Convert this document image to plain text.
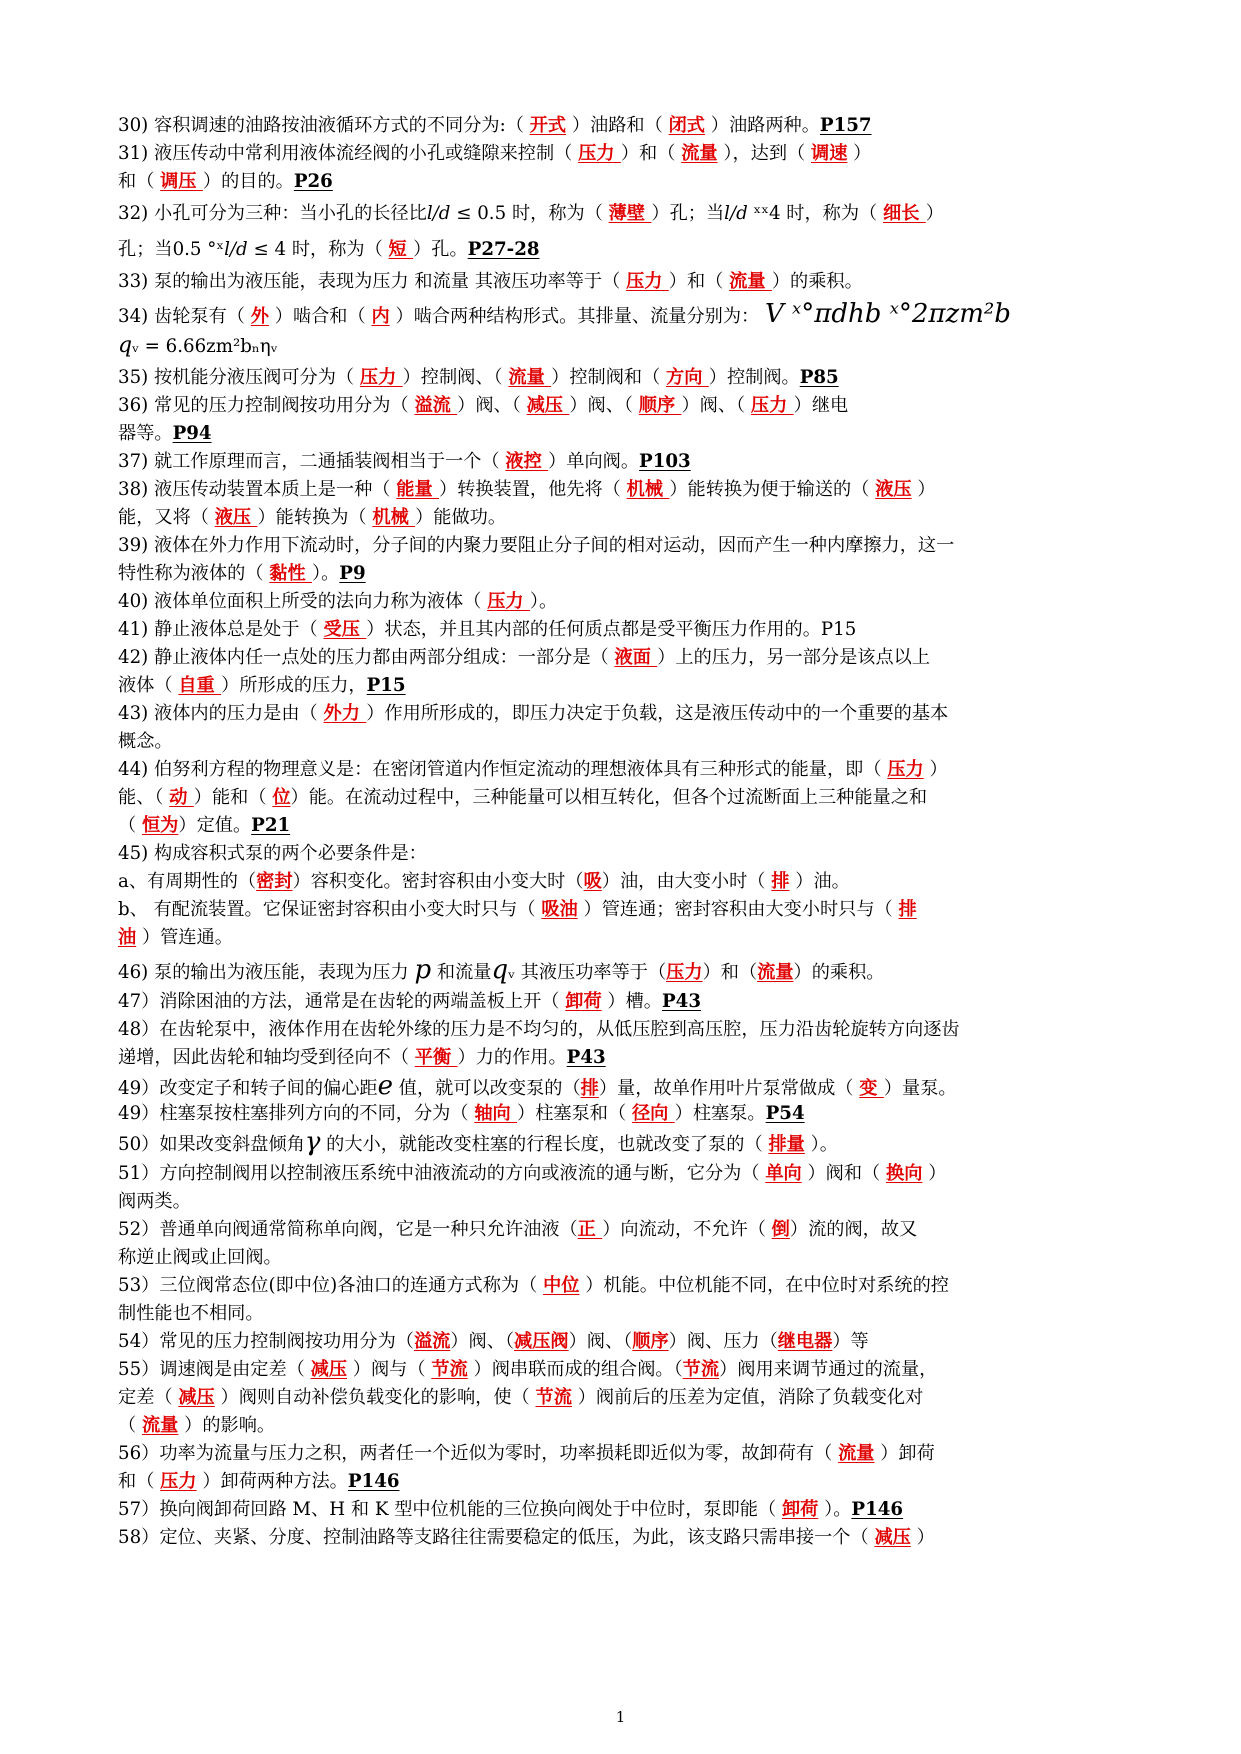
30) 容积调速的油路按油液循环方式的不同分为:（ 开式 ）油路和（ 闭式 ）油路两种。P157
31) 液压传动中常利用液体流经阀的小孔或缝隙来控制（ 压力 ）和（ 流量 ），达到（ 调速 ）
和（ 调压 ）的目的。P26
32) 小孔可分为三种：当小孔的长径比l/d ≤ 0.5 时，称为（ 薄壁 ）孔；当l/d ˣˣ4 时，称为（ 细长 ）
孔；当0.5 °ˣl/d ≤ 4 时，称为（ 短 ）孔。P27-28
33) 泵的输出为液压能，表现为压力 和流量 其液压功率等于（ 压力 ）和（ 流量 ）的乘积。
34) 齿轮泵有（ 外 ）啮合和（ 内 ）啮合两种结构形式。其排量、流量分别为： V ˣ°πdhb ˣ°2πzm²b
qᵥ = 6.66zm²bₙηᵥ
35) 按机能分液压阀可分为（ 压力 ）控制阀、（ 流量 ）控制阀和（ 方向 ）控制阀。P85
36) 常见的压力控制阀按功用分为（ 溢流 ）阀、（ 减压 ）阀、（ 顺序 ）阀、（ 压力 ）继电
器等。P94
37) 就工作原理而言，二通插装阀相当于一个（ 液控 ）单向阀。P103
38) 液压传动装置本质上是一种（ 能量 ）转换装置，他先将（ 机械 ）能转换为便于输送的（ 液压 ）
能，又将（ 液压 ）能转换为（ 机械 ）能做功。
39) 液体在外力作用下流动时，分子间的内聚力要阻止分子间的相对运动，因而产生一种内摩擦力，这一
特性称为液体的（ 黏性 ）。P9
40) 液体单位面积上所受的法向力称为液体（ 压力 ）。
41) 静止液体总是处于（ 受压 ）状态，并且其内部的任何质点都是受平衡压力作用的。P15
42) 静止液体内任一点处的压力都由两部分组成：一部分是（ 液面 ）上的压力，另一部分是该点以上
液体（ 自重 ）所形成的压力，P15
43) 液体内的压力是由（ 外力 ）作用所形成的，即压力决定于负载，这是液压传动中的一个重要的基本
概念。
44) 伯努利方程的物理意义是：在密闭管道内作恒定流动的理想液体具有三种形式的能量，即（ 压力 ）
能、（ 动 ）能和（ 位）能。在流动过程中，三种能量可以相互转化，但各个过流断面上三种能量之和
（ 恒为）定值。P21
45) 构成容积式泵的两个必要条件是：
a、有周期性的（密封）容积变化。密封容积由小变大时（吸）油，由大变小时（ 排 ）油。
b、 有配流装置。它保证密封容积由小变大时只与（ 吸油 ）管连通；密封容积由大变小时只与（ 排
油 ）管连通。
46) 泵的输出为液压能，表现为压力 p 和流量qᵥ 其液压功率等于（压力）和（流量）的乘积。
47）消除困油的方法，通常是在齿轮的两端盖板上开（ 卸荷 ）槽。P43
48）在齿轮泵中，液体作用在齿轮外缘的压力是不均匀的，从低压腔到高压腔，压力沿齿轮旋转方向逐齿
递增，因此齿轮和轴均受到径向不（ 平衡 ）力的作用。P43
49）改变定子和转子间的偏心距e 值，就可以改变泵的（排）量，故单作用叶片泵常做成（ 变 ）量泵。
49）柱塞泵按柱塞排列方向的不同，分为（ 轴向 ）柱塞泵和（ 径向 ）柱塞泵。P54
50）如果改变斜盘倾角γ 的大小，就能改变柱塞的行程长度，也就改变了泵的（ 排量 ）。
51）方向控制阀用以控制液压系统中油液流动的方向或液流的通与断，它分为（ 单向 ）阀和（ 换向 ）
阀两类。
52）普通单向阀通常简称单向阀，它是一种只允许油液（正 ）向流动，不允许（ 倒）流的阀，故又
称逆止阀或止回阀。
53）三位阀常态位(即中位)各油口的连通方式称为（ 中位 ）机能。中位机能不同，在中位时对系统的控
制性能也不相同。
54）常见的压力控制阀按功用分为（溢流）阀、（减压阀）阀、（顺序）阀、压力（继电器）等
55）调速阀是由定差（ 减压 ）阀与（ 节流 ）阀串联而成的组合阀。（节流）阀用来调节通过的流量，
定差（ 减压 ）阀则自动补偿负载变化的影响，使（ 节流 ）阀前后的压差为定值，消除了负载变化对
（ 流量 ）的影响。
56）功率为流量与压力之积，两者任一个近似为零时，功率损耗即近似为零，故卸荷有（ 流量 ）卸荷
和（ 压力 ）卸荷两种方法。P146
57）换向阀卸荷回路 M、H 和 K 型中位机能的三位换向阀处于中位时，泵即能（ 卸荷 ）。P146
58）定位、夹紧、分度、控制油路等支路往往需要稳定的低压，为此，该支路只需串接一个（ 减压 ）
1
